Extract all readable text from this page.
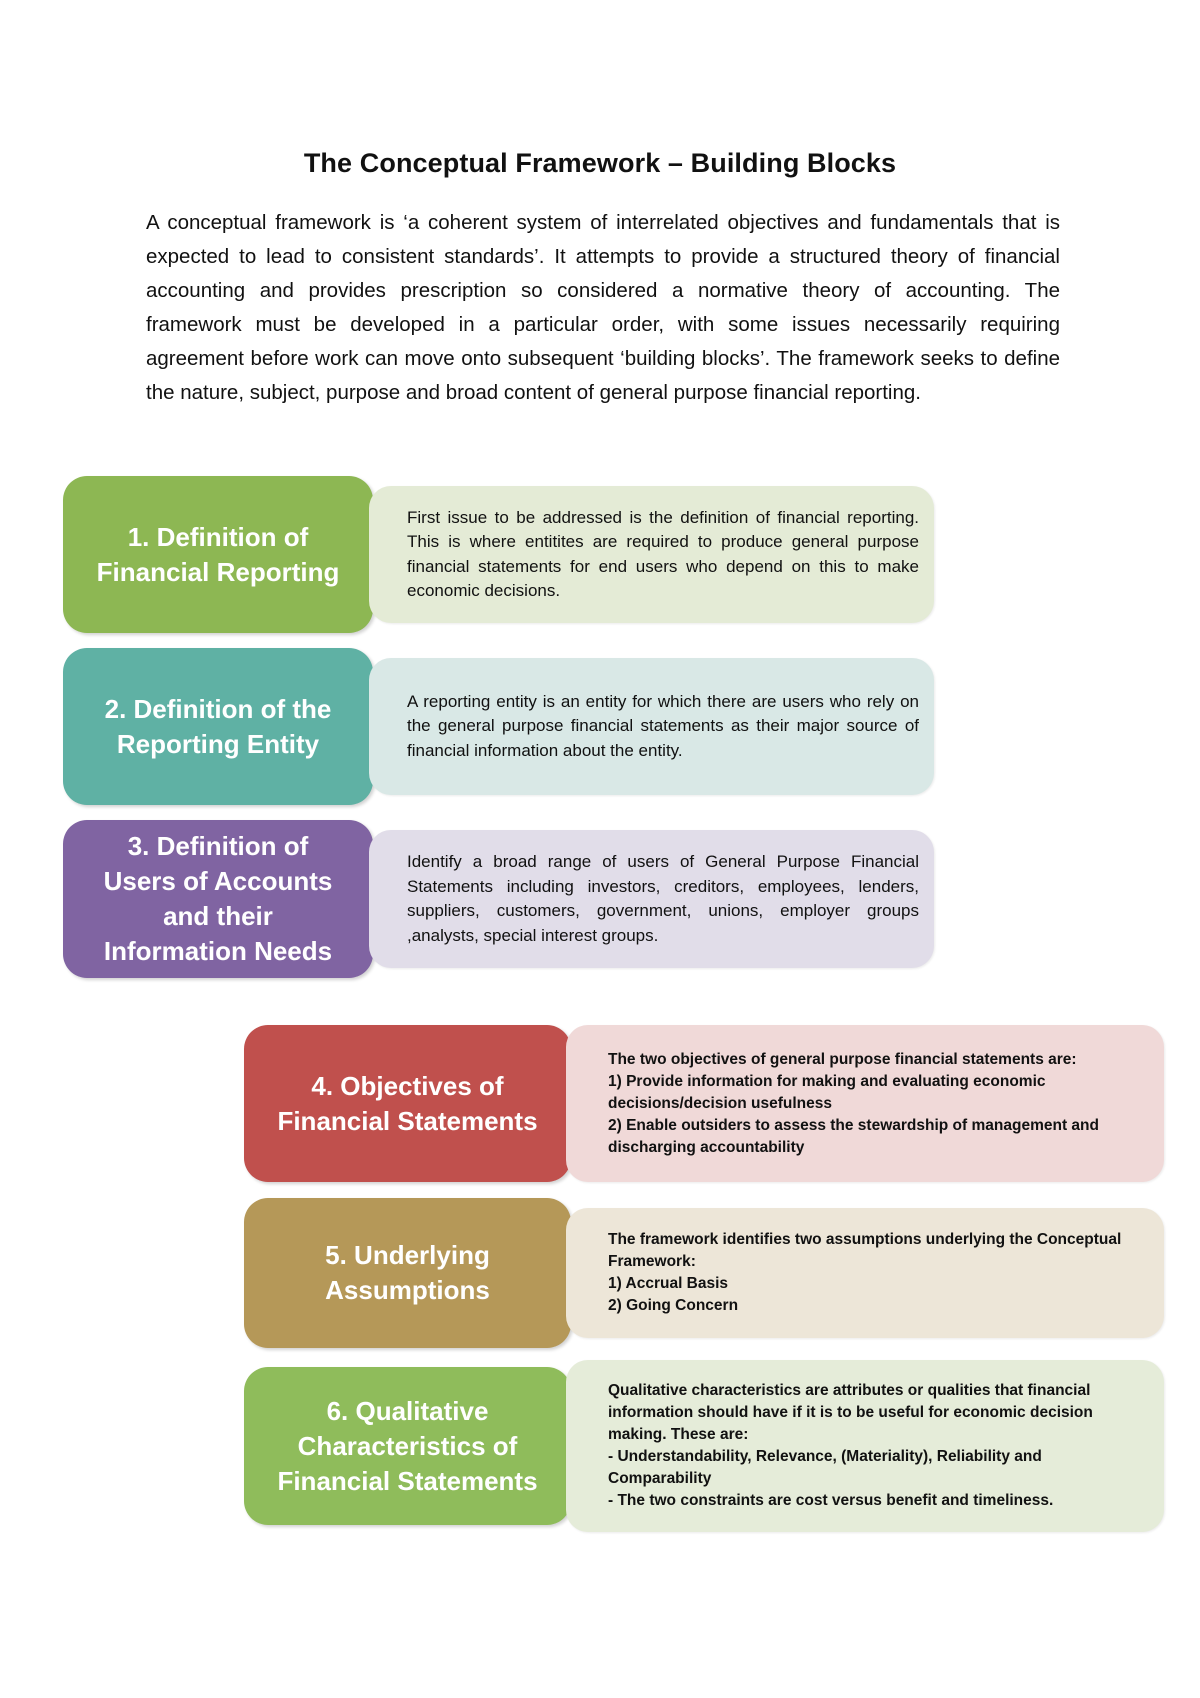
The Conceptual Framework – Building Blocks

A conceptual framework is ‘a coherent system of interrelated objectives and fundamentals that is expected to lead to consistent standards’. It attempts to provide a structured theory of financial accounting and provides prescription so considered a normative theory of accounting. The framework must be developed in a particular order, with some issues necessarily requiring agreement before work can move onto subsequent ‘building blocks’. The framework seeks to define the nature, subject, purpose and broad content of general purpose financial reporting.

1. Definition of
Financial Reporting

First issue to be addressed is the definition of financial reporting. This is where entitites are required to produce general purpose financial statements for end users who depend on this to make economic decisions.

2. Definition of the
Reporting Entity

A reporting entity is an entity for which there are users who rely on the general purpose financial statements as their major source of financial information about the entity.

3. Definition of
Users of Accounts
and their
Information Needs

Identify a broad range of users of General Purpose Financial Statements including investors, creditors, employees, lenders, suppliers, customers, government, unions, employer groups ,analysts, special interest groups.

4. Objectives of
Financial Statements

The two objectives of general purpose financial statements are:
1) Provide information for making and evaluating economic decisions/decision usefulness
2) Enable outsiders to assess the stewardship of management and discharging accountability

5. Underlying
Assumptions

The framework identifies two assumptions underlying the Conceptual Framework:
1) Accrual Basis
2) Going Concern

6. Qualitative
Characteristics of
Financial Statements

Qualitative characteristics are attributes or qualities that financial information should have if it is to be useful for economic decision making. These are:
- Understandability, Relevance, (Materiality), Reliability and Comparability
- The two constraints are cost versus benefit and timeliness.
